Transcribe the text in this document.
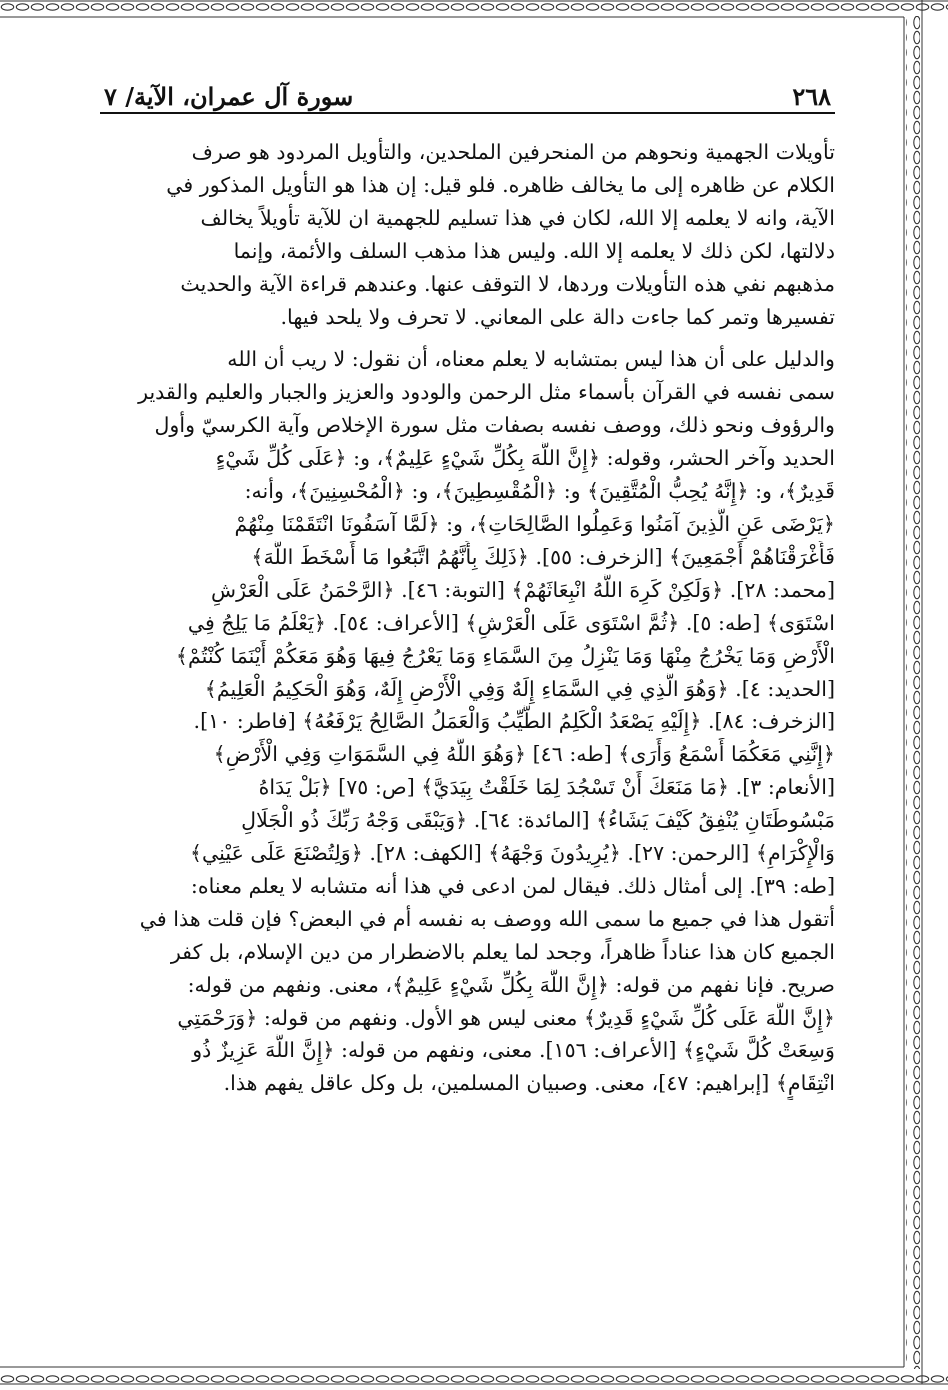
٢٦٨
سورة آل عمران، الآية/ ٧

تأويلات الجهمية ونحوهم من المنحرفين الملحدين، والتأويل المردود هو صرف
الكلام عن ظاهره إلى ما يخالف ظاهره. فلو قيل: إن هذا هو التأويل المذكور في
الآية، وانه لا يعلمه إلا الله، لكان في هذا تسليم للجهمية ان للآية تأويلاً يخالف
دلالتها، لكن ذلك لا يعلمه إلا الله. وليس هذا مذهب السلف والأئمة، وإنما
مذهبهم نفي هذه التأويلات وردها، لا التوقف عنها. وعندهم قراءة الآية والحديث
تفسيرها وتمر كما جاءت دالة على المعاني. لا تحرف ولا يلحد فيها.

والدليل على أن هذا ليس بمتشابه لا يعلم معناه، أن نقول: لا ريب أن الله
سمى نفسه في القرآن بأسماء مثل الرحمن والودود والعزيز والجبار والعليم والقدير
والرؤوف ونحو ذلك، ووصف نفسه بصفات مثل سورة الإخلاص وآية الكرسيّ وأول
الحديد وآخر الحشر، وقوله: ﴿إِنَّ اللَّهَ بِكُلِّ شَيْءٍ عَلِيمٌ﴾، و: ﴿عَلَى كُلِّ شَيْءٍ
قَدِيرٌ﴾، و: ﴿إِنَّهُ يُحِبُّ الْمُتَّقِينَ﴾ و: ﴿الْمُقْسِطِينَ﴾، و: ﴿الْمُحْسِنِينَ﴾، وأنه:
﴿يَرْضَى عَنِ الَّذِينَ آمَنُوا وَعَمِلُوا الصَّالِحَاتِ﴾، و: ﴿لَمَّا آسَفُونَا انْتَقَمْنَا مِنْهُمْ
فَأَغْرَقْنَاهُمْ أَجْمَعِينَ﴾ [الزخرف: ٥٥]. ﴿ذَلِكَ بِأَنَّهُمُ اتَّبَعُوا مَا أَسْخَطَ اللَّهَ﴾
[محمد: ٢٨]. ﴿وَلَكِنْ كَرِهَ اللَّهُ انْبِعَاثَهُمْ﴾ [التوبة: ٤٦]. ﴿الرَّحْمَنُ عَلَى الْعَرْشِ
اسْتَوَى﴾ [طه: ٥]. ﴿ثُمَّ اسْتَوَى عَلَى الْعَرْشِ﴾ [الأعراف: ٥٤]. ﴿يَعْلَمُ مَا يَلِجُ فِي
الْأَرْضِ وَمَا يَخْرُجُ مِنْهَا وَمَا يَنْزِلُ مِنَ السَّمَاءِ وَمَا يَعْرُجُ فِيهَا وَهُوَ مَعَكُمْ أَيْنَمَا كُنْتُمْ﴾
[الحديد: ٤]. ﴿وَهُوَ الَّذِي فِي السَّمَاءِ إِلَهٌ وَفِي الْأَرْضِ إِلَهٌ، وَهُوَ الْحَكِيمُ الْعَلِيمُ﴾
[الزخرف: ٨٤]. ﴿إِلَيْهِ يَصْعَدُ الْكَلِمُ الطَّيِّبُ وَالْعَمَلُ الصَّالِحُ يَرْفَعُهُ﴾ [فاطر: ١٠].
﴿إِنَّنِي مَعَكُمَا أَسْمَعُ وَأَرَى﴾ [طه: ٤٦] ﴿وَهُوَ اللَّهُ فِي السَّمَوَاتِ وَفِي الْأَرْضِ﴾
[الأنعام: ٣]. ﴿مَا مَنَعَكَ أَنْ تَسْجُدَ لِمَا خَلَقْتُ بِيَدَيَّ﴾ [ص: ٧٥] ﴿بَلْ يَدَاهُ
مَبْسُوطَتَانِ يُنْفِقُ كَيْفَ يَشَاءُ﴾ [المائدة: ٦٤]. ﴿وَيَبْقَى وَجْهُ رَبِّكَ ذُو الْجَلَالِ
وَالْإِكْرَامِ﴾ [الرحمن: ٢٧]. ﴿يُرِيدُونَ وَجْهَهُ﴾ [الكهف: ٢٨]. ﴿وَلِتُصْنَعَ عَلَى عَيْنِي﴾
[طه: ٣٩]. إلى أمثال ذلك. فيقال لمن ادعى في هذا أنه متشابه لا يعلم معناه:
أتقول هذا في جميع ما سمى الله ووصف به نفسه أم في البعض؟ فإن قلت هذا في
الجميع كان هذا عناداً ظاهراً، وجحد لما يعلم بالاضطرار من دين الإسلام، بل كفر
صريح. فإنا نفهم من قوله: ﴿إِنَّ اللَّهَ بِكُلِّ شَيْءٍ عَلِيمٌ﴾، معنى. ونفهم من قوله:
﴿إِنَّ اللَّهَ عَلَى كُلِّ شَيْءٍ قَدِيرٌ﴾ معنى ليس هو الأول. ونفهم من قوله: ﴿وَرَحْمَتِي
وَسِعَتْ كُلَّ شَيْءٍ﴾ [الأعراف: ١٥٦]. معنى، ونفهم من قوله: ﴿إِنَّ اللَّهَ عَزِيزٌ ذُو
انْتِقَامٍ﴾ [إبراهيم: ٤٧]، معنى. وصبيان المسلمين، بل وكل عاقل يفهم هذا.
